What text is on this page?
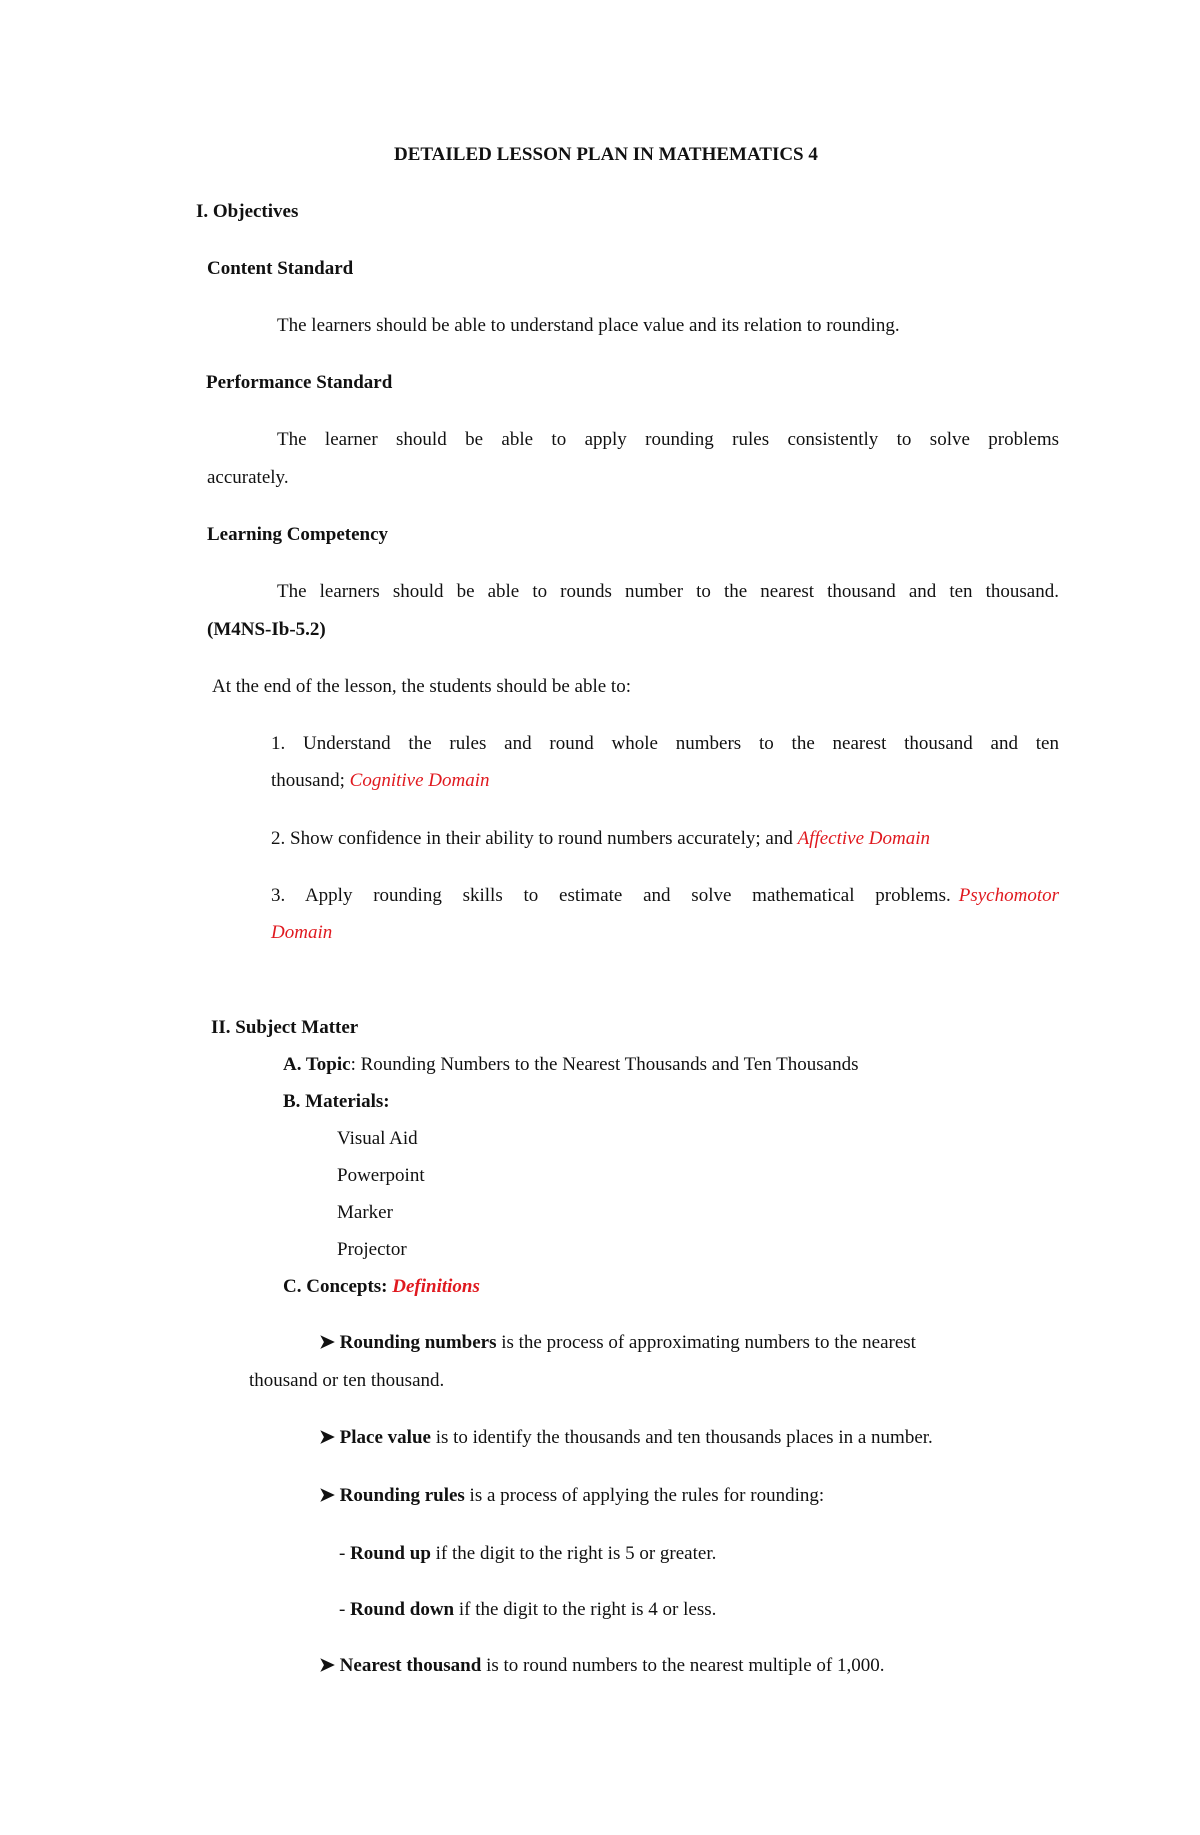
DETAILED LESSON PLAN IN MATHEMATICS 4
I. Objectives
Content Standard
The learners should be able to understand place value and its relation to rounding.
Performance Standard
The learner should be able to apply rounding rules consistently to solve problems
accurately.
Learning Competency
The learners should be able to rounds number to the nearest thousand and ten thousand.
(M4NS-Ib-5.2)
At the end of the lesson, the students should be able to:
1. Understand the rules and round whole numbers to the nearest thousand and ten
thousand; Cognitive Domain
2. Show confidence in their ability to round numbers accurately; and Affective Domain
3. Apply rounding skills to estimate and solve mathematical problems. Psychomotor
Domain
II. Subject Matter
A. Topic: Rounding Numbers to the Nearest Thousands and Ten Thousands
B. Materials:
Visual Aid
Powerpoint
Marker
Projector
C. Concepts: Definitions
➤ Rounding numbers is the process of approximating numbers to the nearest
thousand or ten thousand.
➤ Place value is to identify the thousands and ten thousands places in a number.
➤ Rounding rules is a process of applying the rules for rounding:
- Round up if the digit to the right is 5 or greater.
- Round down if the digit to the right is 4 or less.
➤ Nearest thousand is to round numbers to the nearest multiple of 1,000.
